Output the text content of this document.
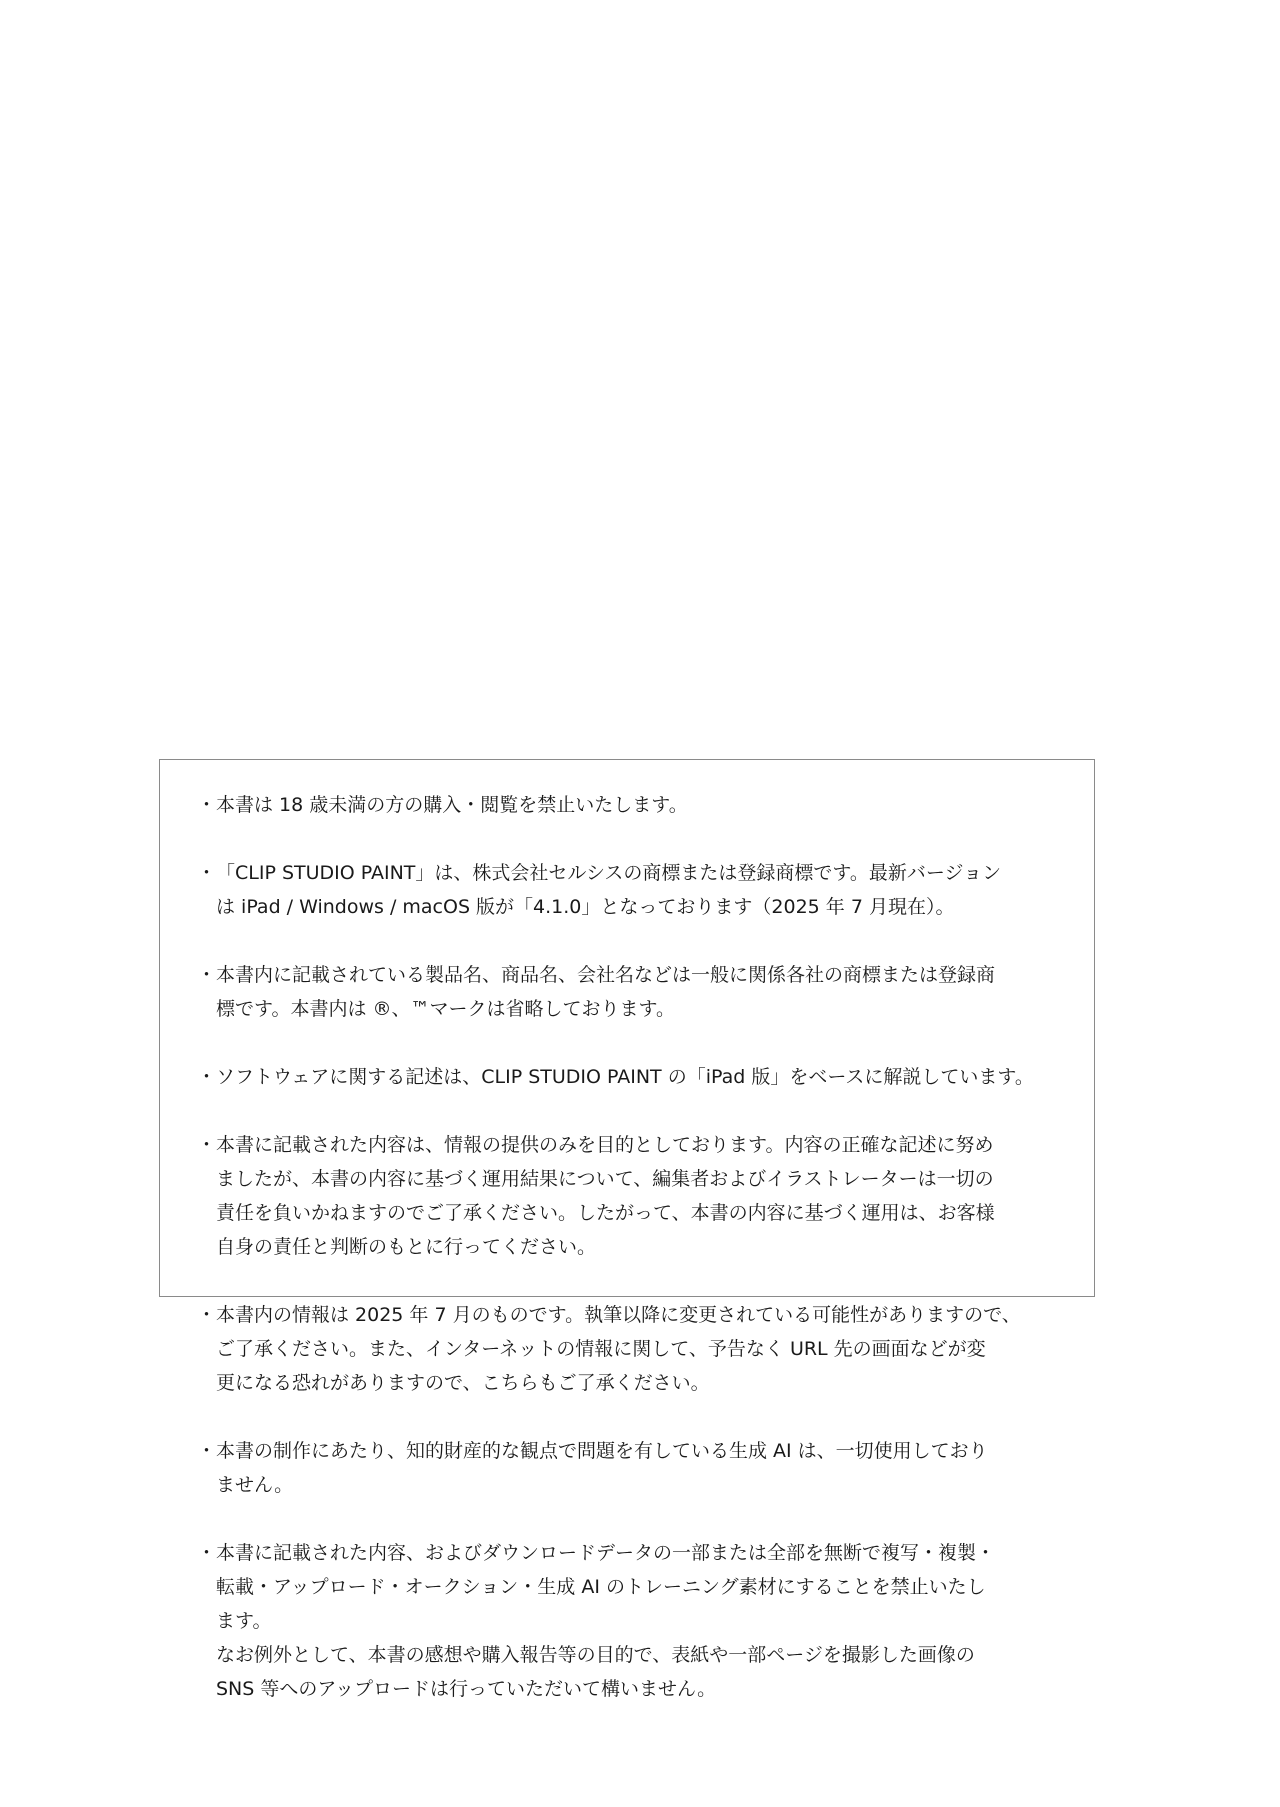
・ 本書は 18 歳未満の方の購入・閲覧を禁止いたします。
・ 「CLIP STUDIO PAINT」は、株式会社セルシスの商標または登録商標です。最新バージョン
は iPad / Windows / macOS 版が「4.1.0」となっております（2025 年 7 月現在）。
・ 本書内に記載されている製品名、商品名、会社名などは一般に関係各社の商標または登録商
標です。本書内は ®、™マークは省略しております。
・ ソフトウェアに関する記述は、CLIP STUDIO PAINT の「iPad 版」をベースに解説しています。
・ 本書に記載された内容は、情報の提供のみを目的としております。内容の正確な記述に努め
ましたが、本書の内容に基づく運用結果について、編集者およびイラストレーターは一切の
責任を負いかねますのでご了承ください。したがって、本書の内容に基づく運用は、お客様
自身の責任と判断のもとに行ってください。
・ 本書内の情報は 2025 年 7 月のものです。執筆以降に変更されている可能性がありますので、
ご了承ください。また、インターネットの情報に関して、予告なく URL 先の画面などが変
更になる恐れがありますので、こちらもご了承ください。
・ 本書の制作にあたり、知的財産的な観点で問題を有している生成 AI は、一切使用しており
ません。
・ 本書に記載された内容、およびダウンロードデータの一部または全部を無断で複写・複製・
転載・アップロード・オークション・生成 AI のトレーニング素材にすることを禁止いたし
ます。
なお例外として、本書の感想や購入報告等の目的で、表紙や一部ページを撮影した画像の
SNS 等へのアップロードは行っていただいて構いません。
